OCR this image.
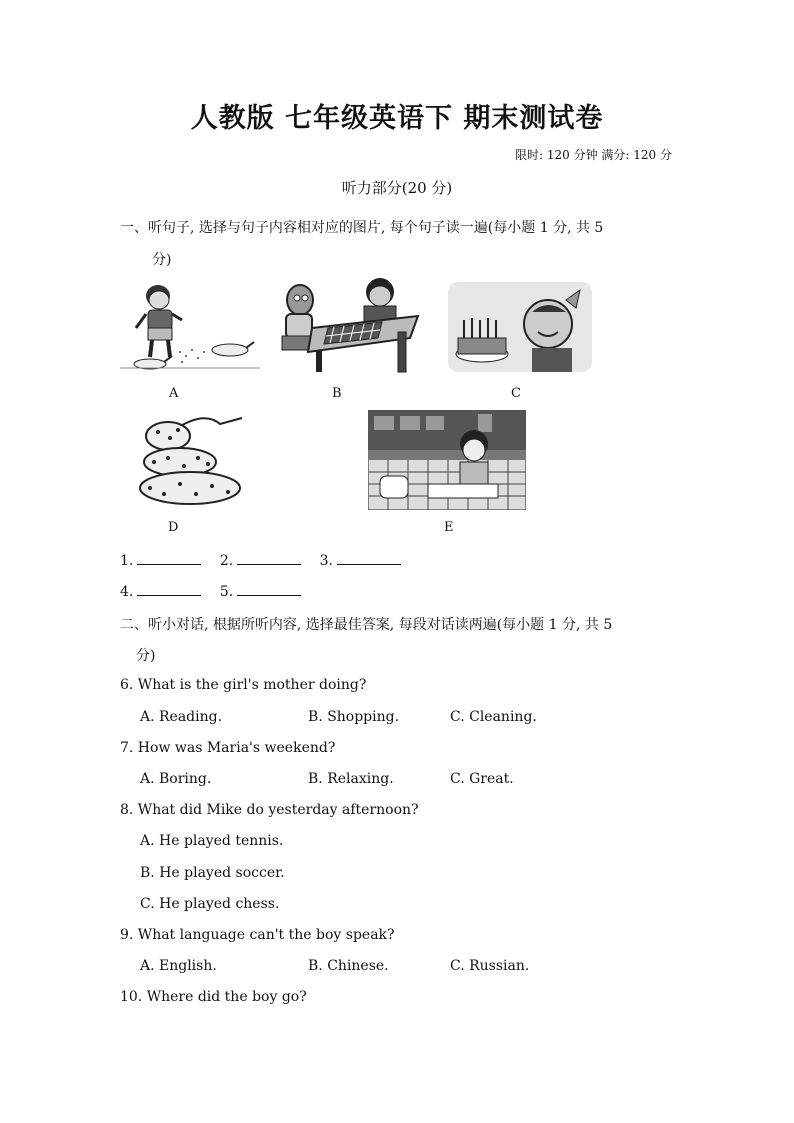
人教版 七年级英语下 期末测试卷
限时: 120 分钟 满分: 120 分
听力部分(20 分)
一、听句子, 选择与句子内容相对应的图片, 每个句子读一遍(每小题 1 分, 共 5
分)
A	B	C
D	E
1.	2.	3.
4.	5.
二、听小对话, 根据所听内容, 选择最佳答案, 每段对话读两遍(每小题 1 分, 共 5
分)
6. What is the girl's mother doing?
A. Reading.	B. Shopping.	C. Cleaning.
7. How was Maria's weekend?
A. Boring.	B. Relaxing.	C. Great.
8. What did Mike do yesterday afternoon?
A. He played tennis.
B. He played soccer.
C. He played chess.
9. What language can't the boy speak?
A. English.	B. Chinese.	C. Russian.
10. Where did the boy go?
